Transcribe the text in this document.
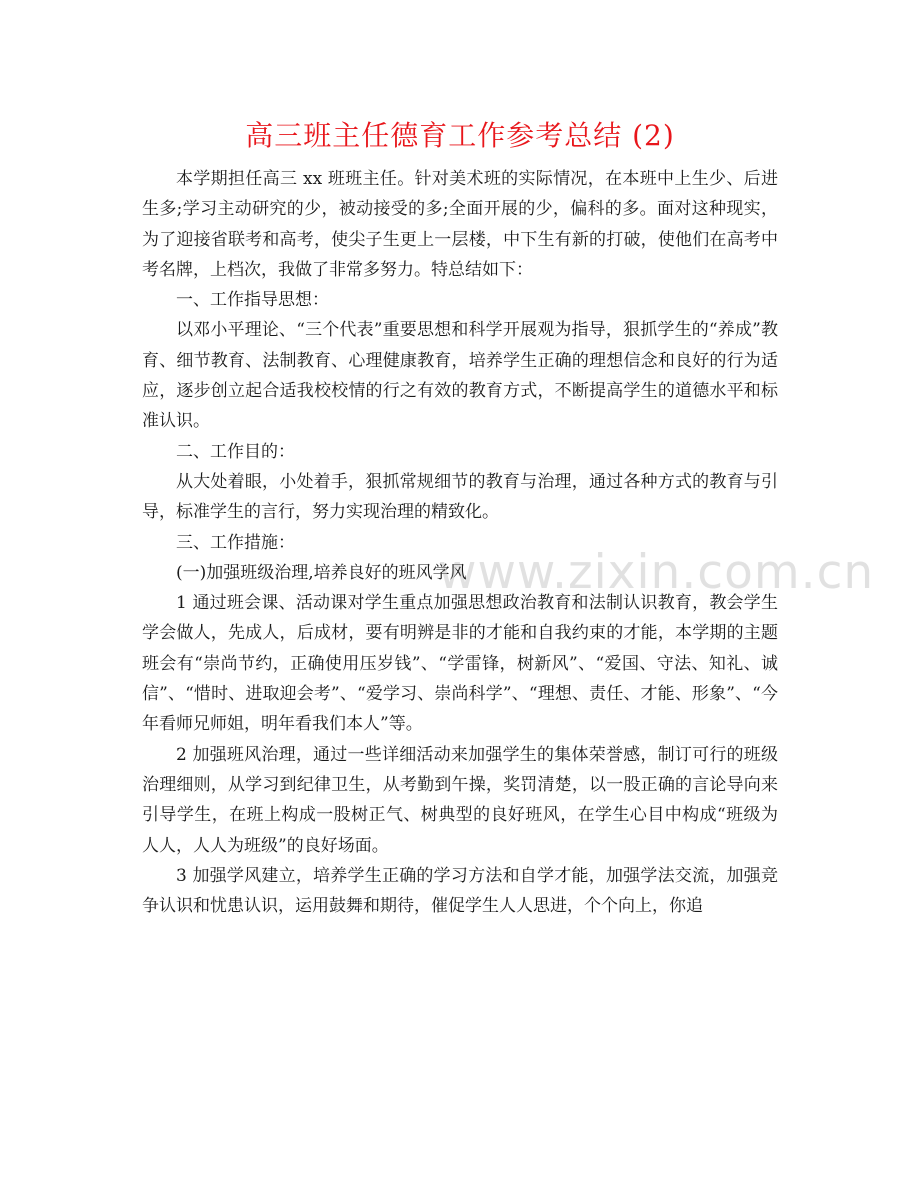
高三班主任德育工作参考总结 (2)

本学期担任高三 xx 班班主任。针对美术班的实际情况，在本班中上生少、后进生多;学习主动研究的少，被动接受的多;全面开展的少，偏科的多。面对这种现实，为了迎接省联考和高考，使尖子生更上一层楼，中下生有新的打破，使他们在高考中考名牌，上档次，我做了非常多努力。特总结如下：

一、工作指导思想：

以邓小平理论、“三个代表”重要思想和科学开展观为指导，狠抓学生的“养成”教育、细节教育、法制教育、心理健康教育，培养学生正确的理想信念和良好的行为适应，逐步创立起合适我校校情的行之有效的教育方式，不断提高学生的道德水平和标准认识。

二、工作目的：

从大处着眼，小处着手，狠抓常规细节的教育与治理，通过各种方式的教育与引导，标准学生的言行，努力实现治理的精致化。

三、工作措施：

(一)加强班级治理,培养良好的班风学风

1 通过班会课、活动课对学生重点加强思想政治教育和法制认识教育，教会学生学会做人，先成人，后成材，要有明辨是非的才能和自我约束的才能，本学期的主题班会有“崇尚节约，正确使用压岁钱”、“学雷锋，树新风”、“爱国、守法、知礼、诚信”、“惜时、进取迎会考”、“爱学习、崇尚科学”、“理想、责任、才能、形象”、“今年看师兄师姐，明年看我们本人”等。

2 加强班风治理，通过一些详细活动来加强学生的集体荣誉感，制订可行的班级治理细则，从学习到纪律卫生，从考勤到午操，奖罚清楚，以一股正确的言论导向来引导学生，在班上构成一股树正气、树典型的良好班风，在学生心目中构成“班级为人人，人人为班级”的良好场面。

3 加强学风建立，培养学生正确的学习方法和自学才能，加强学法交流，加强竞争认识和忧患认识，运用鼓舞和期待，催促学生人人思进，个个向上，你追

www.zixin.com.cn
